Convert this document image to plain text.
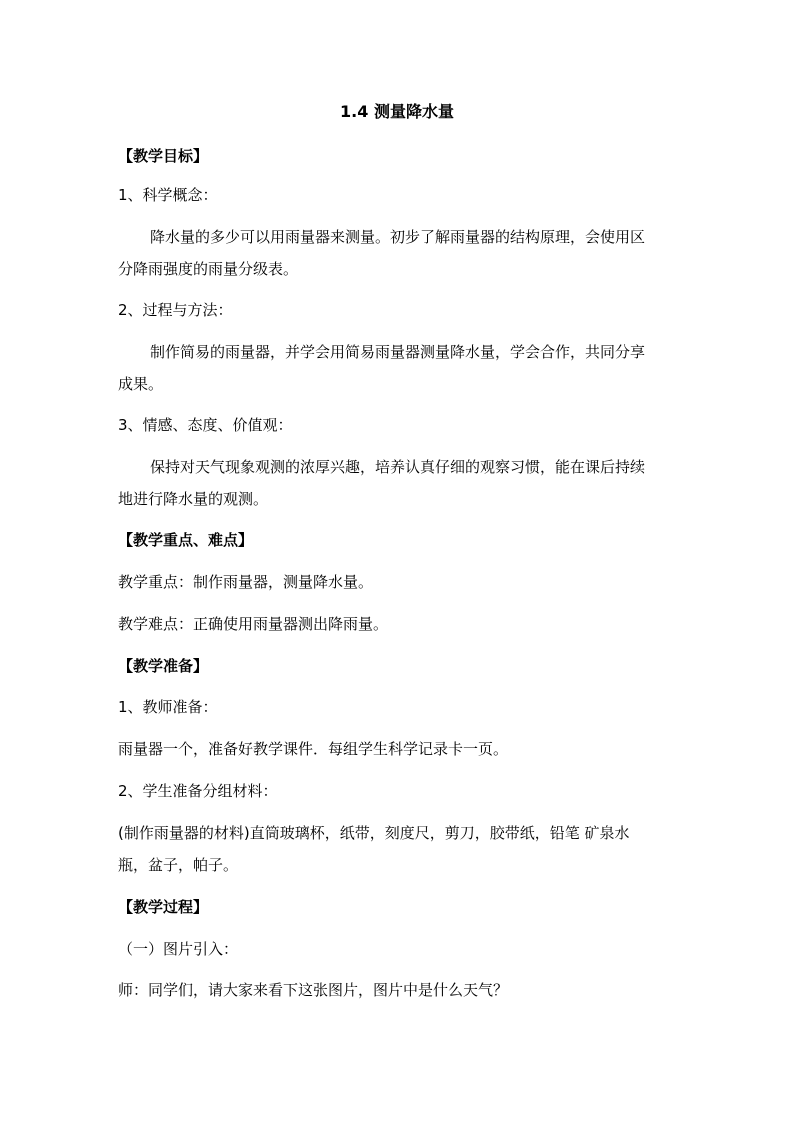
1.4 测量降水量
【教学目标】
1、科学概念：
降水量的多少可以用雨量器来测量。初步了解雨量器的结构原理，会使用区
分降雨强度的雨量分级表。
2、过程与方法：
制作简易的雨量器，并学会用简易雨量器测量降水量，学会合作，共同分享
成果。
3、情感、态度、价值观：
保持对天气现象观测的浓厚兴趣，培养认真仔细的观察习惯，能在课后持续
地进行降水量的观测。
【教学重点、难点】
教学重点：制作雨量器，测量降水量。
教学难点：正确使用雨量器测出降雨量。
【教学准备】
1、教师准备：
雨量器一个，准备好教学课件．每组学生科学记录卡一页。
2、学生准备分组材料：
(制作雨量器的材料)直筒玻璃杯，纸带，刻度尺，剪刀，胶带纸，铅笔 矿泉水
瓶，盆子，帕子。
【教学过程】
（一）图片引入：
师：同学们，请大家来看下这张图片，图片中是什么天气？
